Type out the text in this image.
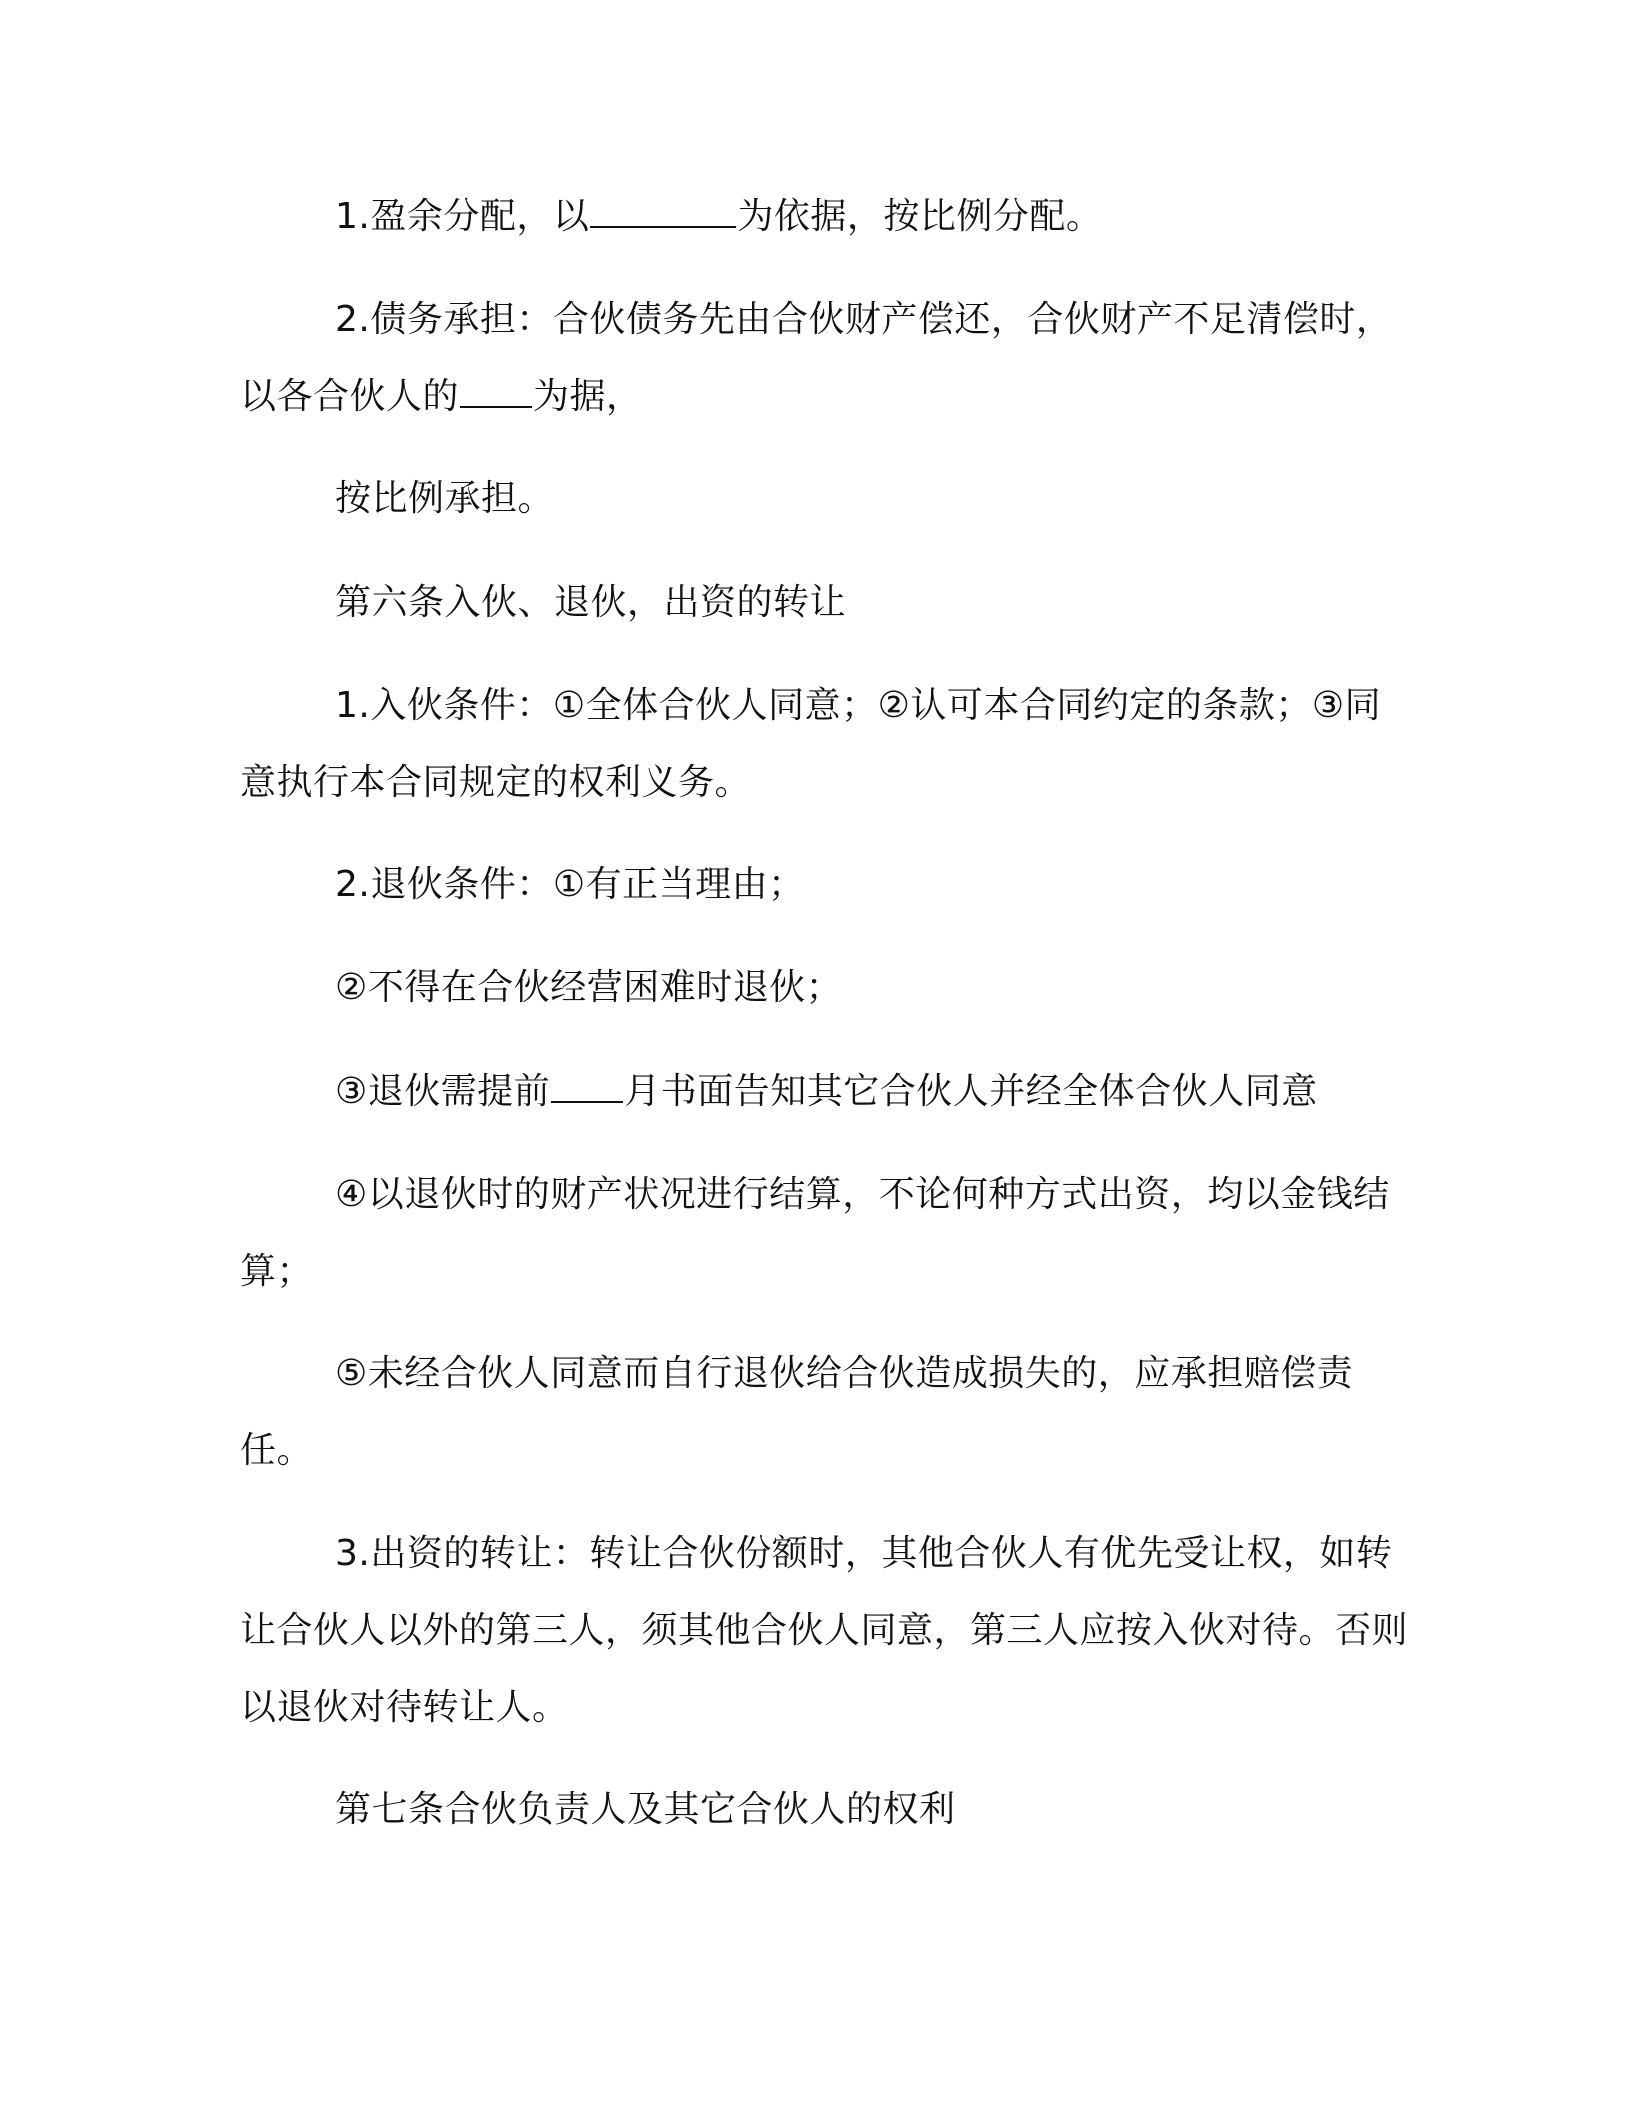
1.盈余分配，以	为依据，按比例分配。

2.债务承担：合伙债务先由合伙财产偿还，合伙财产不足清偿时，以各合伙人的 为据，

按比例承担。

第六条入伙、退伙，出资的转让

1.入伙条件：①全体合伙人同意；②认可本合同约定的条款；③同意执行本合同规定的权利义务。

2.退伙条件：①有正当理由；

②不得在合伙经营困难时退伙；

③退伙需提前 月书面告知其它合伙人并经全体合伙人同意

④以退伙时的财产状况进行结算，不论何种方式出资，均以金钱结算；

⑤未经合伙人同意而自行退伙给合伙造成损失的，应承担赔偿责任。

3.出资的转让：转让合伙份额时，其他合伙人有优先受让权，如转让合伙人以外的第三人，须其他合伙人同意，第三人应按入伙对待。否则以退伙对待转让人。

第七条合伙负责人及其它合伙人的权利
